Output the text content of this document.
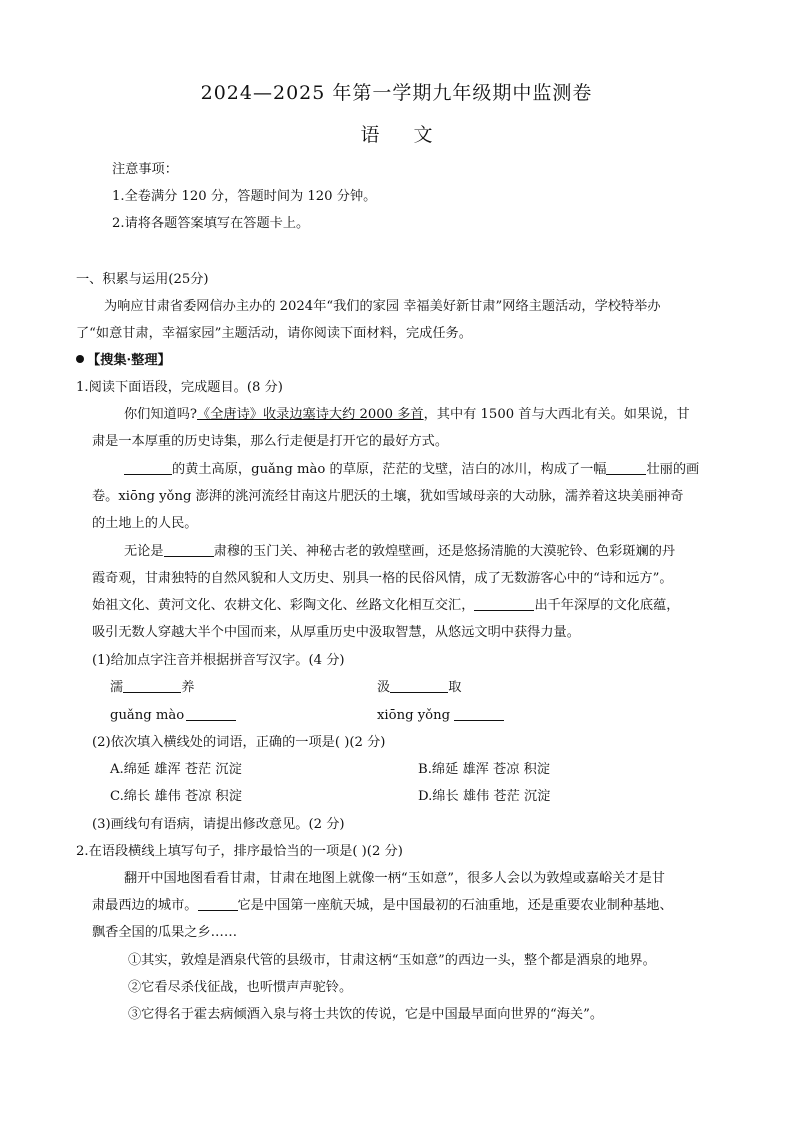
2024—2025 年第一学期九年级期中监测卷
语 文
注意事项：
1.全卷满分 120 分，答题时间为 120 分钟。
2.请将各题答案填写在答题卡上。
一、积累与运用(25分)
为响应甘肃省委网信办主办的 2024年“我们的家园 幸福美好新甘肃”网络主题活动，学校特举办
了“如意甘肃，幸福家园”主题活动，请你阅读下面材料，完成任务。
【搜集·整理】
1.阅读下面语段，完成题目。(8 分)
你们知道吗?《全唐诗》收录边塞诗大约 2000 多首，其中有 1500 首与大西北有关。如果说，甘
肃是一本厚重的历史诗集，那么行走便是打开它的最好方式。
的黄土高原，guǎng mào 的草原，茫茫的戈壁，洁白的冰川，构成了一幅	壮丽的画
卷。xiōng yǒng 澎湃的洮河流经甘南这片肥沃的土壤，犹如雪域母亲的大动脉，濡养着这块美丽神奇
的土地上的人民。
无论是	肃穆的玉门关、神秘古老的敦煌壁画，还是悠扬清脆的大漠驼铃、色彩斑斓的丹
霞奇观，甘肃独特的自然风貌和人文历史、别具一格的民俗风情，成了无数游客心中的“诗和远方”。
始祖文化、黄河文化、农耕文化、彩陶文化、丝路文化相互交汇，	出千年深厚的文化底蕴，
吸引无数人穿越大半个中国而来，从厚重历史中汲取智慧，从悠远文明中获得力量。
(1)给加点字注音并根据拼音写汉字。(4 分)
濡	养	汲	取
guǎng mào	xiōng yǒng
(2)依次填入横线处的词语，正确的一项是( )(2 分)
A.绵延 雄浑 苍茫 沉淀	B.绵延 雄浑 苍凉 积淀
C.绵长 雄伟 苍凉 积淀	D.绵长 雄伟 苍茫 沉淀
(3)画线句有语病，请提出修改意见。(2 分)
2.在语段横线上填写句子，排序最恰当的一项是( )(2 分)
翻开中国地图看看甘肃，甘肃在地图上就像一柄“玉如意”，很多人会以为敦煌或嘉峪关才是甘
肃最西边的城市。	它是中国第一座航天城，是中国最初的石油重地，还是重要农业制种基地、
飘香全国的瓜果之乡……
①其实，敦煌是酒泉代管的县级市，甘肃这柄“玉如意”的西边一头，整个都是酒泉的地界。
②它看尽杀伐征战，也听惯声声驼铃。
③它得名于霍去病倾酒入泉与将士共饮的传说，它是中国最早面向世界的“海关”。
